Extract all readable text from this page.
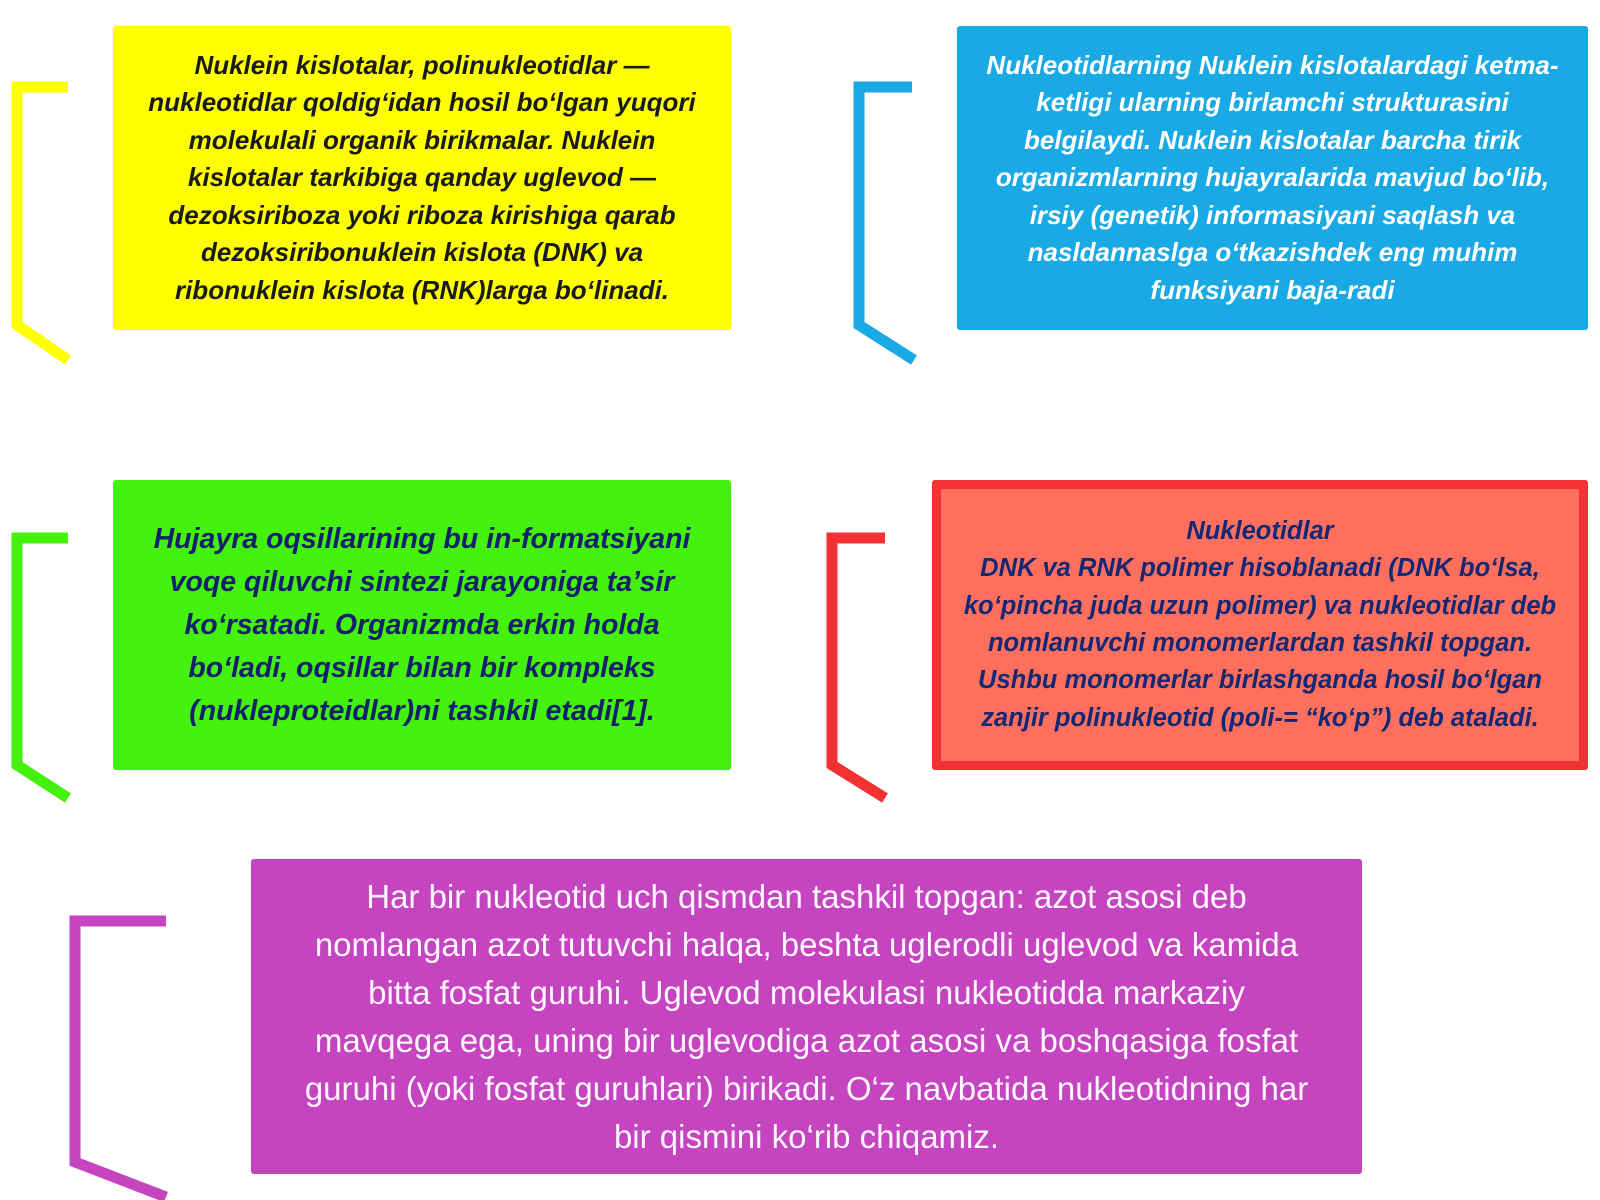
Nuklein kislotalar, polinukleotidlar — nukleotidlar qoldig‘idan hosil bo‘lgan yuqori molekulali organik birikmalar. Nuklein kislotalar tarkibiga qanday uglevod — dezoksiriboza yoki riboza kirishiga qarab dezoksiribonuklein kislota (DNK) va ribonuklein kislota (RNK)larga bo‘linadi.

Nukleotidlarning Nuklein kislotalardagi ketma-ketligi ularning birlamchi strukturasini belgilaydi. Nuklein kislotalar barcha tirik organizmlarning hujayralarida mavjud bo‘lib, irsiy (genetik) informasiyani saqlash va nasldannaslga o‘tkazishdek eng muhim funksiyani baja-radi

Hujayra oqsillarining bu in-formatsiyani voqe qiluvchi sintezi jarayoniga ta’sir ko‘rsatadi. Organizmda erkin holda bo‘ladi, oqsillar bilan bir kompleks (nukleproteidlar)ni tashkil etadi[1].

Nukleotidlar

DNK va RNK polimer hisoblanadi (DNK bo‘lsa, ko‘pincha juda uzun polimer) va nukleotidlar deb nomlanuvchi monomerlardan tashkil topgan. Ushbu monomerlar birlashganda hosil bo‘lgan zanjir polinukleotid (poli-= “ko‘p”) deb ataladi.

Har bir nukleotid uch qismdan tashkil topgan: azot asosi deb nomlangan azot tutuvchi halqa, beshta uglerodli uglevod va kamida bitta fosfat guruhi. Uglevod molekulasi nukleotidda markaziy mavqega ega, uning bir uglevodiga azot asosi va boshqasiga fosfat guruhi (yoki fosfat guruhlari) birikadi. O‘z navbatida nukleotidning har bir qismini ko‘rib chiqamiz.
